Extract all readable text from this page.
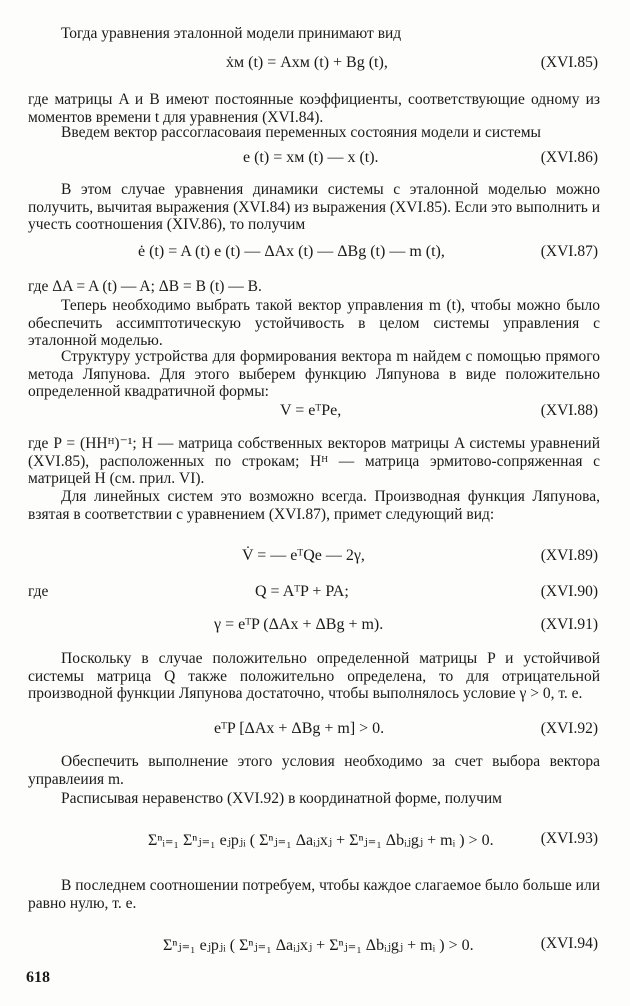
Тогда уравнения эталонной модели принимают вид

ẋм (t) = Axм (t) + Bg (t),	(XVI.85)

где матрицы A и B имеют постоянные коэффициенты, соответствующие одному из моментов времени t для уравнения (XVI.84).

Введем вектор рассогласоваия переменных состояния модели и системы

e (t) = xм (t) — x (t).	(XVI.86)

В этом случае уравнения динамики системы с эталонной моделью можно получить, вычитая выражения (XVI.84) из выражения (XVI.85). Если это выполнить и учесть соотношения (XIV.86), то получим

ė (t) = A (t) e (t) — ΔAx (t) — ΔBg (t) — m (t),	(XVI.87)

где ΔA = A (t) — A; ΔB = B (t) — B.

Теперь необходимо выбрать такой вектор управления m (t), чтобы можно было обеспечить ассимптотическую устойчивость в целом системы управления с эталонной моделью.

Структуру устройства для формирования вектора m найдем с помощью прямого метода Ляпунова. Для этого выберем функцию Ляпунова в виде положительно определенной квадратичной формы:

V = eᵀPe,	(XVI.88)

где P = (HHᴴ)⁻¹; H — матрица собственных векторов матрицы A системы уравнений (XVI.85), расположенных по строкам; Hᴴ — матрица эрмитово-сопряженная с матрицей H (см. прил. VI).

Для линейных систем это возможно всегда. Производная функция Ляпунова, взятая в соответствии с уравнением (XVI.87), примет следующий вид:

V̇ = — eᵀQe — 2γ,	(XVI.89)
где	Q = AᵀP + PA;	(XVI.90)
γ = eᵀP (ΔAx + ΔBg + m).	(XVI.91)

Поскольку в случае положительно определенной матрицы P и устойчивой системы матрица Q также положительно определена, то для отрицательной производной функции Ляпунова достаточно, чтобы выполнялось условие γ > 0, т. е.

eᵀP [ΔAx + ΔBg + m] > 0.	(XVI.92)

Обеспечить выполнение этого условия необходимо за счет выбора вектора управлеиия m.

Расписывая неравенство (XVI.92) в координатной форме, получим

Σⁿᵢ₌₁ Σⁿⱼ₌₁ eⱼpⱼᵢ ( Σⁿⱼ₌₁ Δaᵢⱼxⱼ + Σⁿⱼ₌₁ Δbᵢⱼgⱼ + mᵢ ) > 0.	(XVI.93)

В последнем соотношении потребуем, чтобы каждое слагаемое было больше или равно нулю, т. е.

Σⁿⱼ₌₁ eⱼpⱼᵢ ( Σⁿⱼ₌₁ Δaᵢⱼxⱼ + Σⁿⱼ₌₁ Δbᵢⱼgⱼ + mᵢ ) > 0.	(XVI.94)
618
